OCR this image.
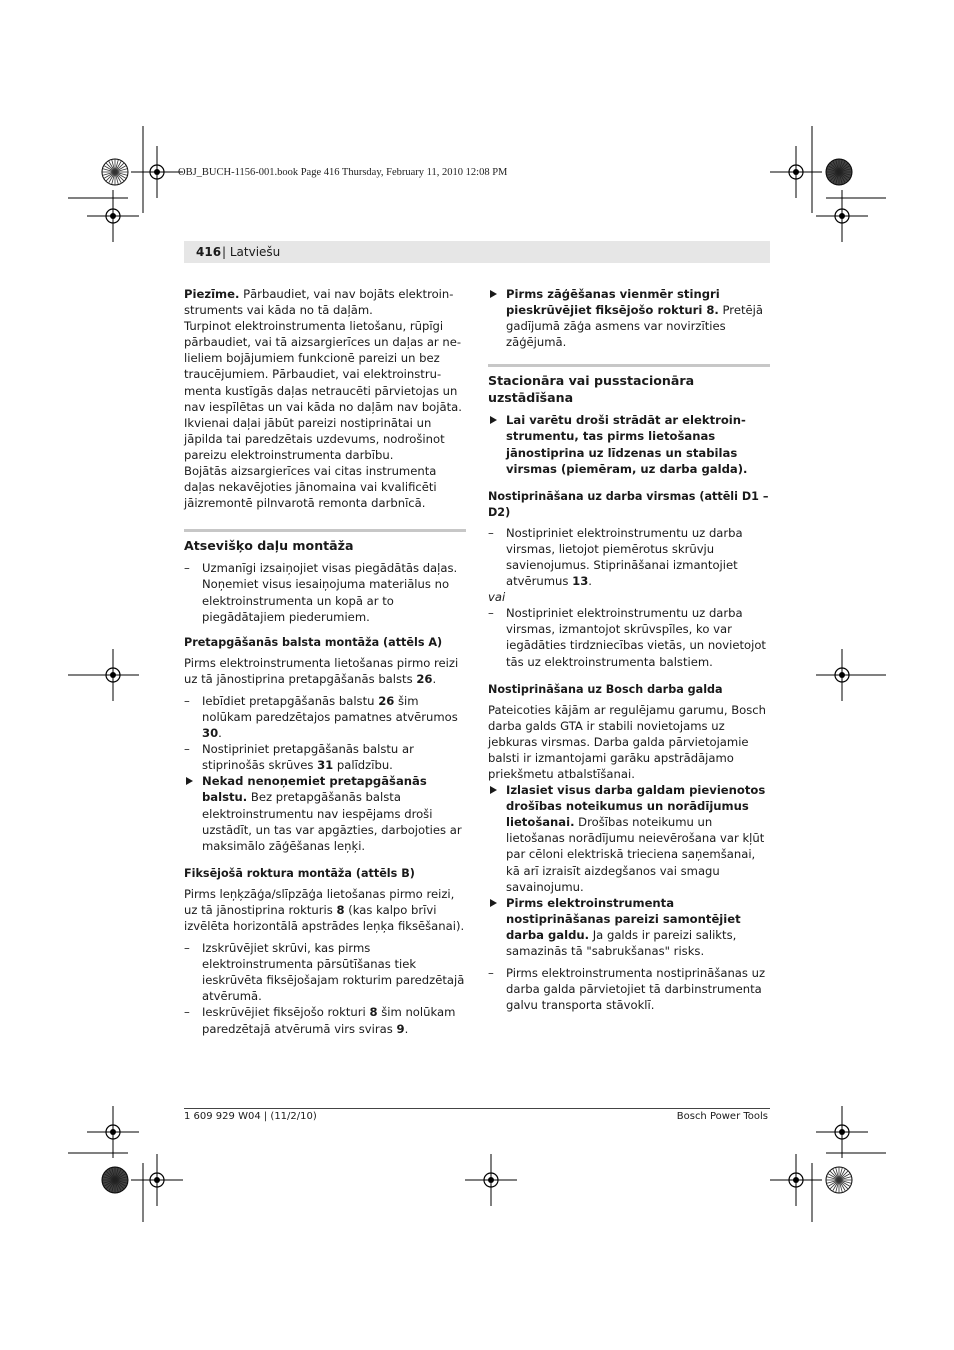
OBJ_BUCH-1156-001.book Page 416 Thursday, February 11, 2010 12:08 PM
416 | Latviešu

Piezīme. Pārbaudiet, vai nav bojāts elektroinstruments vai kāda no tā daļām.

Turpinot elektroinstrumenta lietošanu, rūpīgi pārbaudiet, vai tā aizsargierīces un daļas ar nelieliem bojājumiem funkcionē pareizi un bez traucējumiem. Pārbaudiet, vai elektroinstrumenta kustīgās daļas netraucēti pārvietojas un nav iespīlētas un vai kāda no daļām nav bojāta. Ikvienai daļai jābūt pareizi nostiprinātai un jāpilda tai paredzētais uzdevums, nodrošinot pareizu elektroinstrumenta darbību.

Bojātās aizsargierīces vai citas instrumenta daļas nekavējoties jānomaina vai kvalificēti jāizremontē pilnvarotā remonta darbnīcā.

Atsevišķo daļu montāža

– Uzmanīgi izsaiņojiet visas piegādātās daļas. Noņemiet visus iesaiņojuma materiālus no elektroinstrumenta un kopā ar to piegādātajiem piederumiem.

Pretapgāšanās balsta montāža (attēls A)

Pirms elektroinstrumenta lietošanas pirmo reizi uz tā jānostiprina pretapgāšanās balsts 26.

– Iebīdiet pretapgāšanās balstu 26 šim nolūkam paredzētajos pamatnes atvērumos 30.

– Nostipriniet pretapgāšanās balstu ar stiprinošās skrūves 31 palīdzību.

Nekad nenoņemiet pretapgāšanās balstu. Bez pretapgāšanās balsta elektroinstrumentu nav iespējams droši uzstādīt, un tas var apgāzties, darbojoties ar maksimālo zāģēšanas leņķi.

Fiksējošā roktura montāža (attēls B)

Pirms leņķzāģa/slīpzāģa lietošanas pirmo reizi, uz tā jānostiprina rokturis 8 (kas kalpo brīvi izvēlēta horizontālā apstrādes leņķa fiksēšanai).

– Izskrūvējiet skrūvi, kas pirms elektroinstrumenta pārsūtīšanas tiek ieskrūvēta fiksējošajam rokturim paredzētajā atvērumā.

– Ieskrūvējiet fiksējošo rokturi 8 šim nolūkam paredzētajā atvērumā virs sviras 9.

Pirms zāģēšanas vienmēr stingri pieskrūvējiet fiksējošo rokturi 8. Pretējā gadījumā zāģa asmens var novirzīties zāģējumā.

Stacionāra vai pusstacionāra uzstādīšana

Lai varētu droši strādāt ar elektroinstrumentu, tas pirms lietošanas jānostiprina uz līdzenas un stabilas virsmas (piemēram, uz darba galda).

Nostiprināšana uz darba virsmas (attēli D1 – D2)

– Nostipriniet elektroinstrumentu uz darba virsmas, lietojot piemērotus skrūvju savienojumus. Stiprināšanai izmantojiet atvērumus 13.

vai

– Nostipriniet elektroinstrumentu uz darba virsmas, izmantojot skrūvspīles, ko var iegādāties tirdzniecības vietās, un novietojot tās uz elektroinstrumenta balstiem.

Nostiprināšana uz Bosch darba galda

Pateicoties kājām ar regulējamu garumu, Bosch darba galds GTA ir stabili novietojams uz jebkuras virsmas. Darba galda pārvietojamie balsti ir izmantojami garāku apstrādājamo priekšmetu atbalstīšanai.

Izlasiet visus darba galdam pievienotos drošības noteikumus un norādījumus lietošanai. Drošības noteikumu un lietošanas norādījumu neievērošana var kļūt par cēloni elektriskā trieciena saņemšanai, kā arī izraisīt aizdegšanos vai smagu savainojumu.

Pirms elektroinstrumenta nostiprināšanas pareizi samontējiet darba galdu. Ja galds ir pareizi salikts, samazinās tā "sabrukšanas" risks.

– Pirms elektroinstrumenta nostiprināšanas uz darba galda pārvietojiet tā darbinstrumenta galvu transporta stāvoklī.

1 609 929 W04 | (11/2/10)	Bosch Power Tools
